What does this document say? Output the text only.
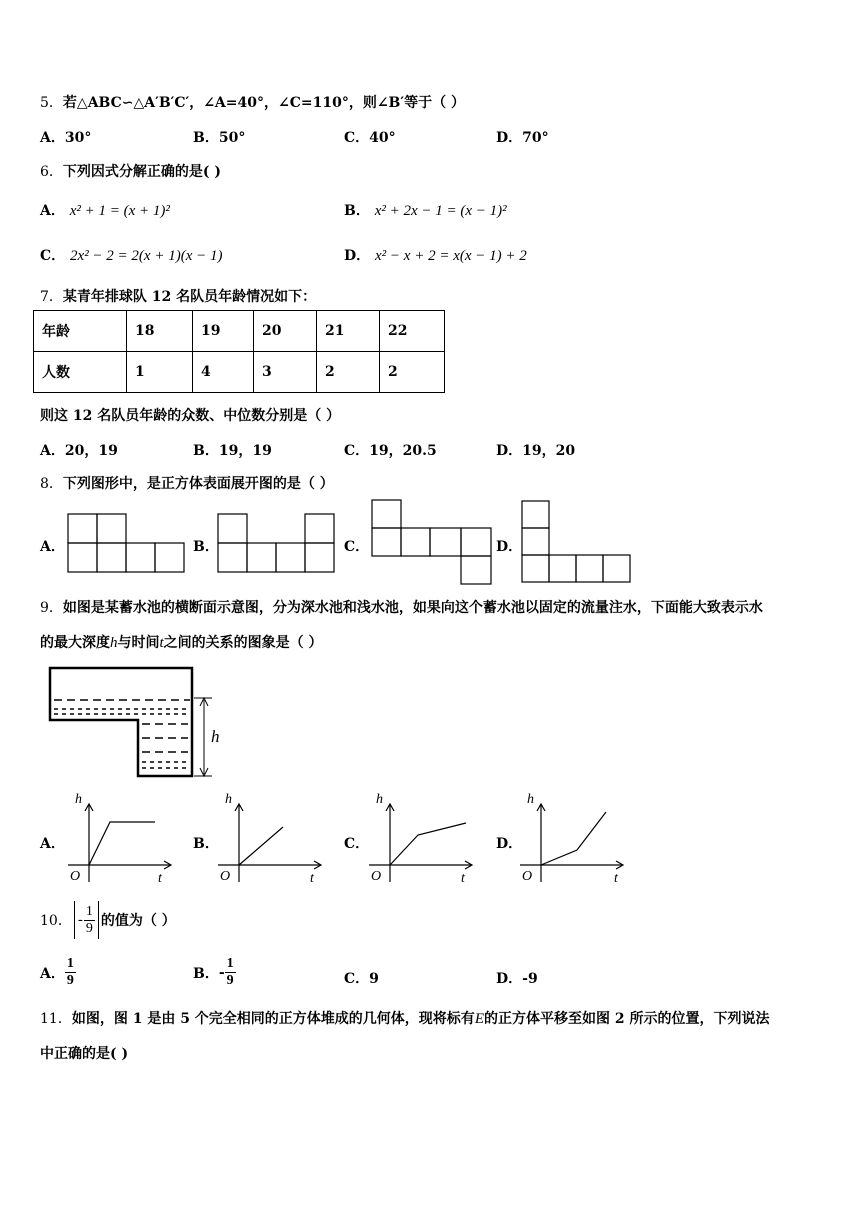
5．若△ABC∽△A′B′C′，∠A=40°，∠C=110°，则∠B′等于（ ）
A．30°	B．50°	C．40°	D．70°
6．下列因式分解正确的是( )
A． x² + 1 = (x + 1)²	B． x² + 2x − 1 = (x − 1)²
C． 2x² − 2 = 2(x + 1)(x − 1)	D． x² − x + 2 = x(x − 1) + 2
7．某青年排球队 12 名队员年龄情况如下：
年龄	18	19	20	21	22
人数	1	4	3	2	2
则这 12 名队员年龄的众数、中位数分别是（ ）
A．20，19	B．19，19	C．19，20.5	D．19，20
8．下列图形中，是正方体表面展开图的是（ ）
A．	B．	C．	D．
9．如图是某蓄水池的横断面示意图，分为深水池和浅水池，如果向这个蓄水池以固定的流量注水，下面能大致表示水
的最大深度h与时间t之间的关系的图象是（ ）
h
A．	B．	C．	D．
h
t
O
h
t
O
h
t
O
h
t
O
10． - $\frac{1}{9}$ 的值为（ ）
A． $\frac{1}{9}$	B． - $\frac{1}{9}$	C．9	D．-9
11．如图，图 1 是由 5 个完全相同的正方体堆成的几何体，现将标有E的正方体平移至如图 2 所示的位置，下列说法
中正确的是( )
